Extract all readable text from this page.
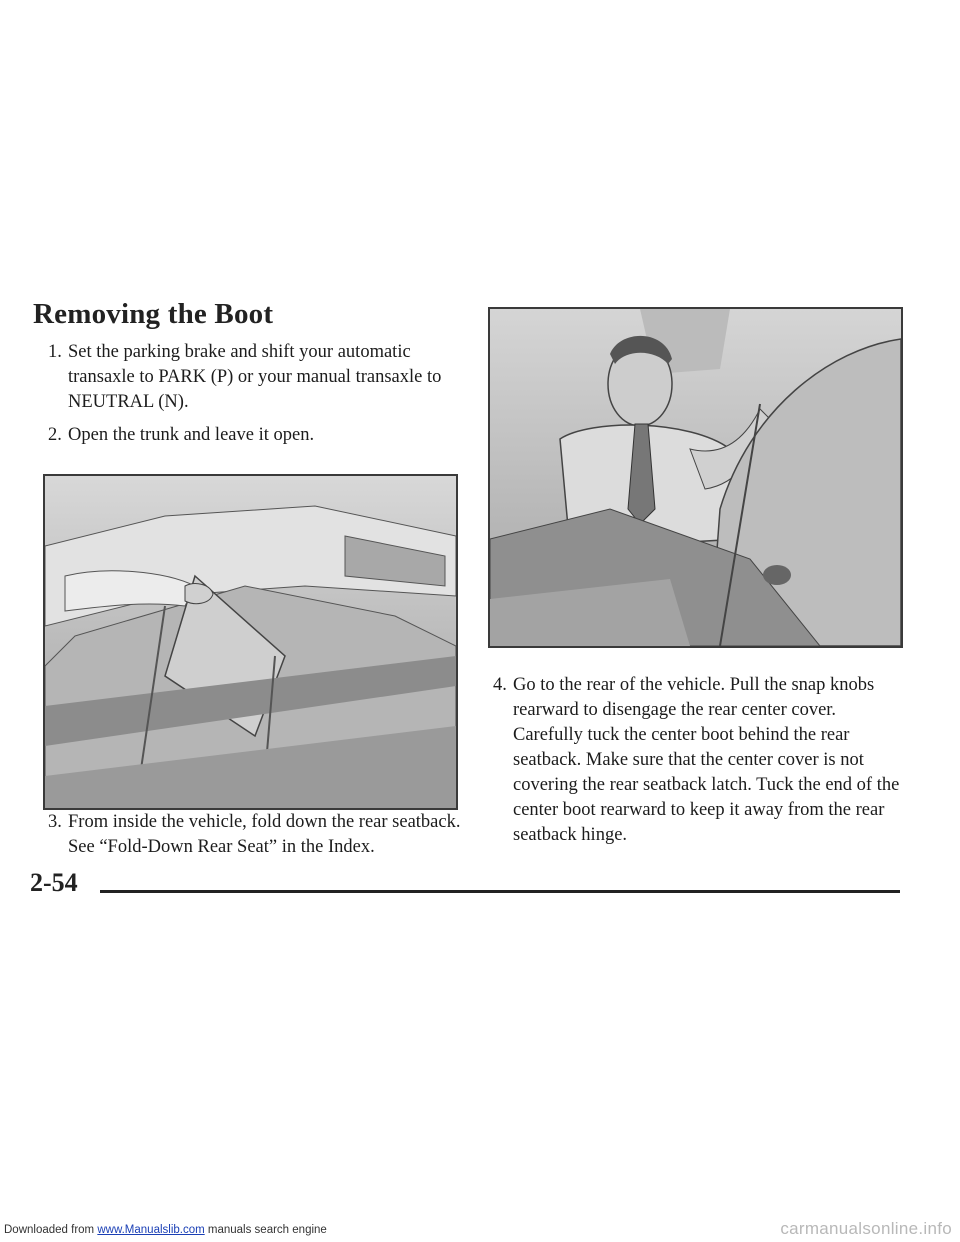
Removing the Boot
1. Set the parking brake and shift your automatic
transaxle to PARK (P) or your manual transaxle to
NEUTRAL (N).
2. Open the trunk and leave it open.
3. From inside the vehicle, fold down the rear seatback.
See “Fold-Down Rear Seat” in the Index.
4. Go to the rear of the vehicle. Pull the snap knobs
rearward to disengage the rear center cover.
Carefully tuck the center boot behind the rear
seatback. Make sure that the center cover is not
covering the rear seatback latch. Tuck the end of the
center boot rearward to keep it away from the rear
seatback hinge.
2-54
Downloaded from www.Manualslib.com manuals search engine	carmanualsonline.info
